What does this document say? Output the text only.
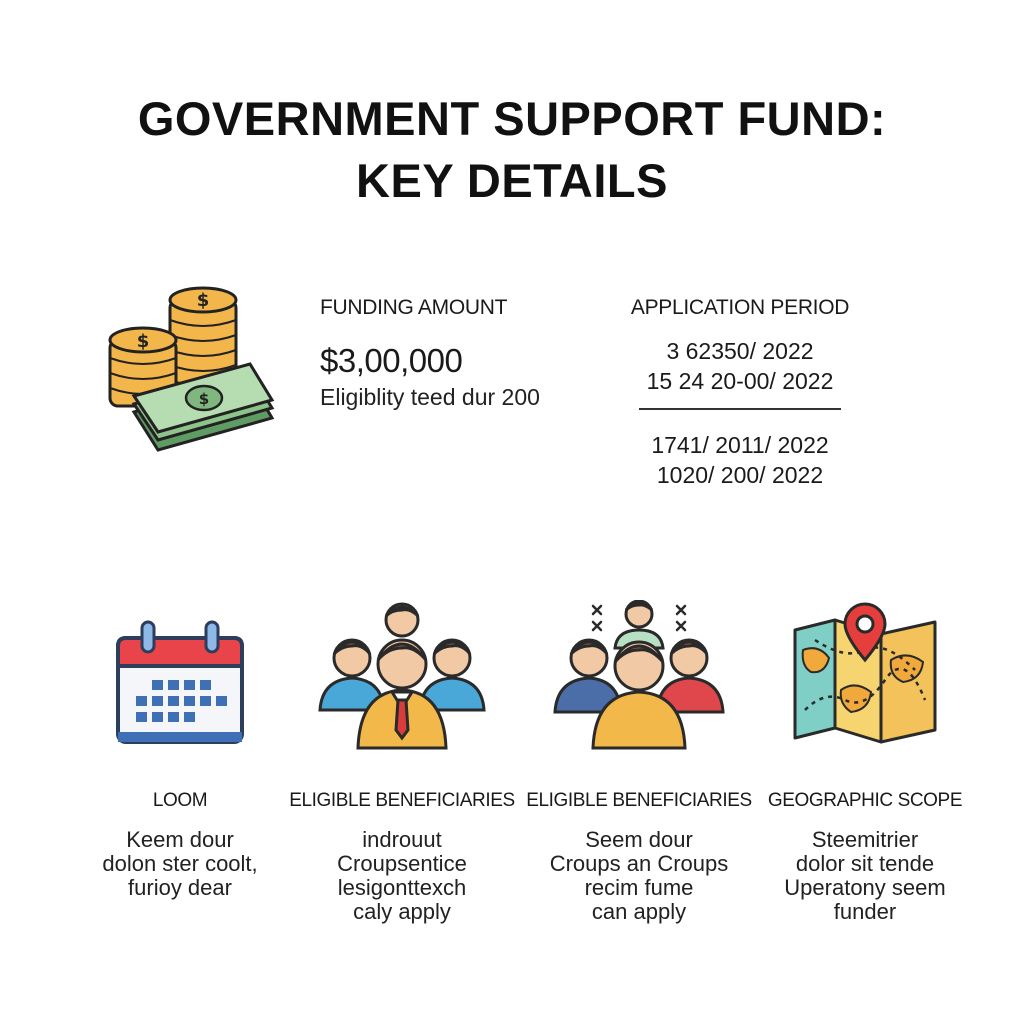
GOVERNMENT SUPPORT FUND:
KEY DETAILS
$
$
$
FUNDING AMOUNT
$3,00,000
Eligiblity teed dur 200
APPLICATION PERIOD
3 62350/ 2022
15 24 20-00/ 2022
1741/ 2011/ 2022
1020/ 200/ 2022
LOOM
Keem dour
dolon ster coolt,
furioy dear
ELIGIBLE BENEFICIARIES
indrouut
Croupsentice
lesigonttexch
caly apply
ELIGIBLE BENEFICIARIES
Seem dour
Croups an Croups
recim fume
can apply
GEOGRAPHIC SCOPE
Steemitrier
dolor sit tende
Uperatony seem
funder
